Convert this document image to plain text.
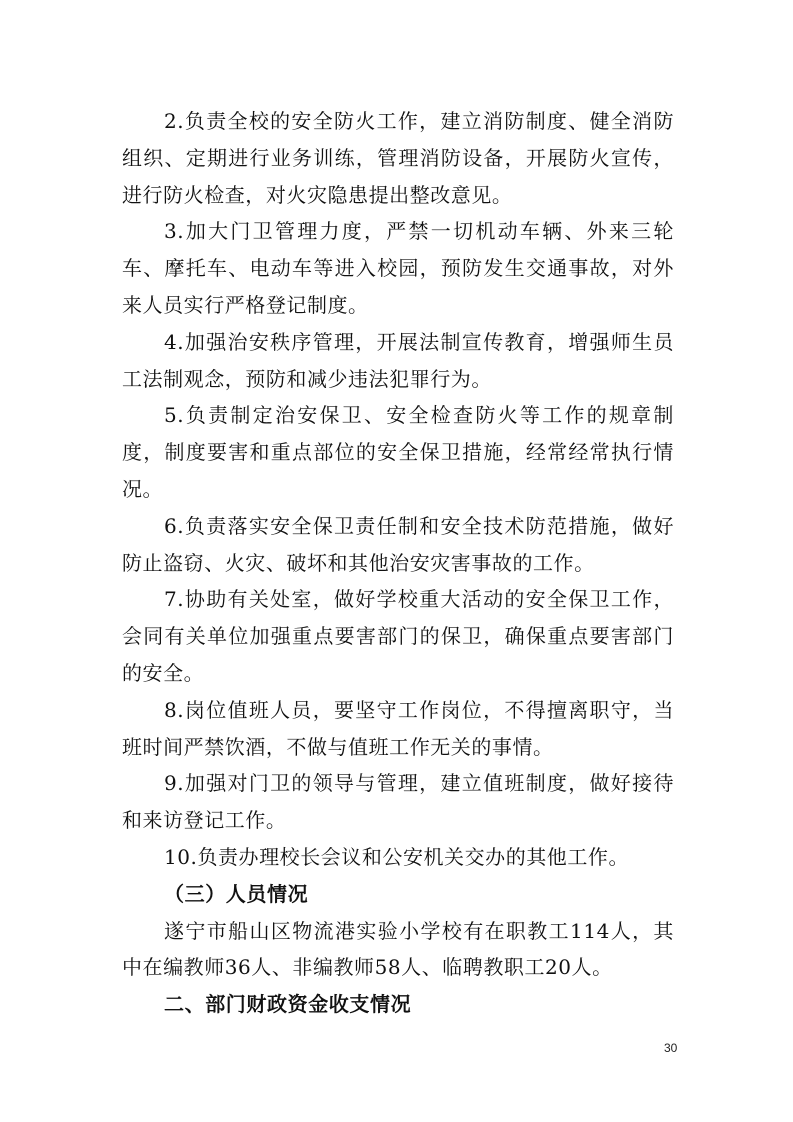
2.负责全校的安全防火工作，建立消防制度、健全消防组织、定期进行业务训练，管理消防设备，开展防火宣传，进行防火检查，对火灾隐患提出整改意见。

3.加大门卫管理力度，严禁一切机动车辆、外来三轮车、摩托车、电动车等进入校园，预防发生交通事故，对外来人员实行严格登记制度。

4.加强治安秩序管理，开展法制宣传教育，增强师生员工法制观念，预防和减少违法犯罪行为。

5.负责制定治安保卫、安全检查防火等工作的规章制度，制度要害和重点部位的安全保卫措施，经常经常执行情况。

6.负责落实安全保卫责任制和安全技术防范措施，做好防止盗窃、火灾、破坏和其他治安灾害事故的工作。

7.协助有关处室，做好学校重大活动的安全保卫工作，会同有关单位加强重点要害部门的保卫，确保重点要害部门的安全。

8.岗位值班人员，要坚守工作岗位，不得擅离职守，当班时间严禁饮酒，不做与值班工作无关的事情。

9.加强对门卫的领导与管理，建立值班制度，做好接待和来访登记工作。

10.负责办理校长会议和公安机关交办的其他工作。

（三）人员情况

遂宁市船山区物流港实验小学校有在职教工114人，其中在编教师36人、非编教师58人、临聘教职工20人。

二、部门财政资金收支情况

30
